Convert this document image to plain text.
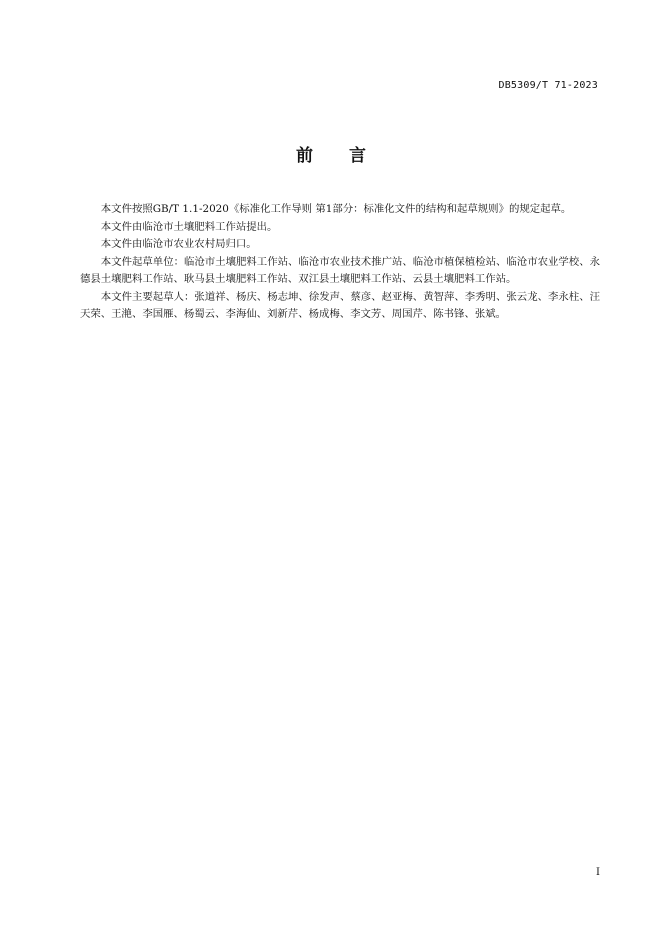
DB5309/T 71-2023
前言

本文件按照GB/T 1.1-2020《标准化工作导则 第1部分：标准化文件的结构和起草规则》的规定起草。

本文件由临沧市土壤肥料工作站提出。

本文件由临沧市农业农村局归口。

本文件起草单位：临沧市土壤肥料工作站、临沧市农业技术推广站、临沧市植保植检站、临沧市农业学校、永德县土壤肥料工作站、耿马县土壤肥料工作站、双江县土壤肥料工作站、云县土壤肥料工作站。

本文件主要起草人：张道祥、杨庆、杨志坤、徐发声、蔡彦、赵亚梅、黄智萍、李秀明、张云龙、李永柱、汪天荣、王滟、李国雁、杨蜀云、李海仙、刘新芹、杨成梅、李文芳、周国芹、陈书锋、张斌。

I
